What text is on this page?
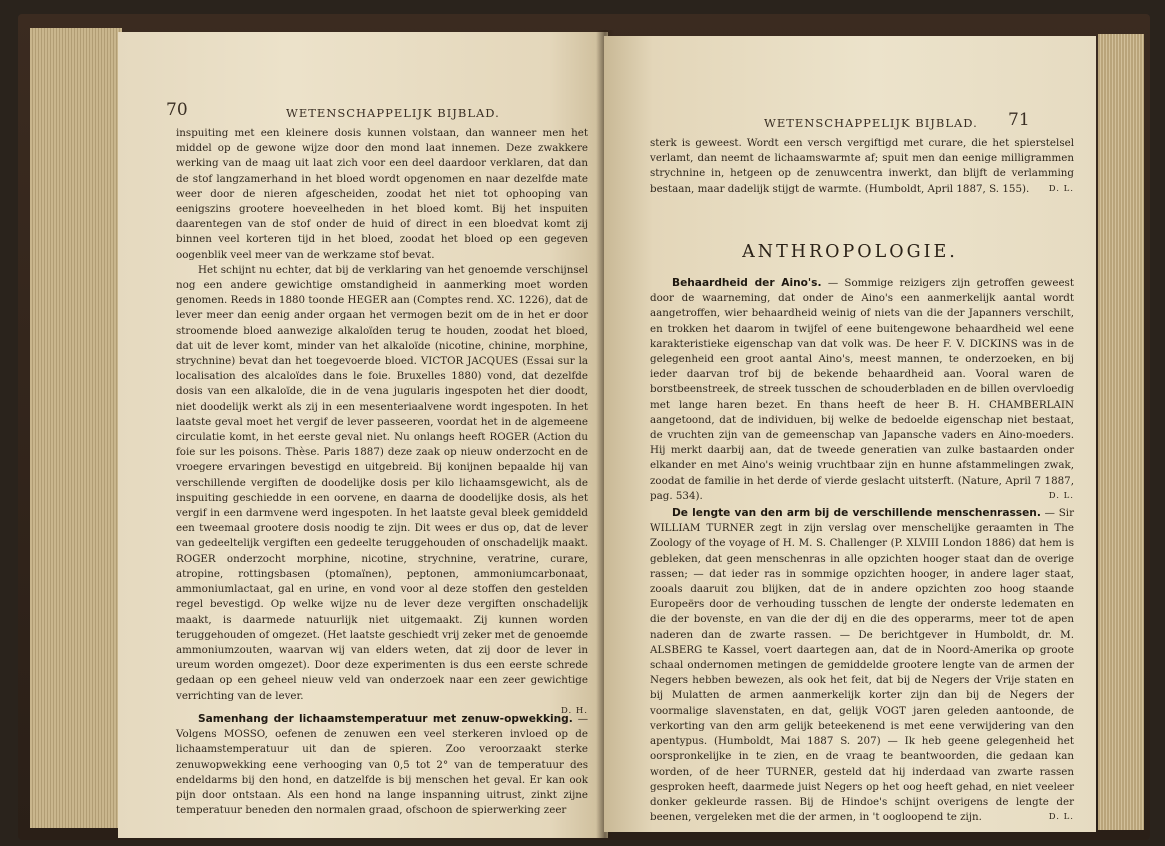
70	WETENSCHAPPELIJK BIJBLAD.

inspuiting met een kleinere dosis kunnen volstaan, dan wanneer men het middel op de gewone wijze door den mond laat innemen. Deze zwakkere werking van de maag uit laat zich voor een deel daardoor verklaren, dat dan de stof langzamerhand in het bloed wordt opgenomen en naar dezelfde mate weer door de nieren afgescheiden, zoodat het niet tot ophooping van eenigszins grootere hoeveelheden in het bloed komt. Bij het inspuiten daarentegen van de stof onder de huid of direct in een bloedvat komt zij binnen veel korteren tijd in het bloed, zoodat het bloed op een gegeven oogenblik veel meer van de werkzame stof bevat.

Het schijnt nu echter, dat bij de verklaring van het genoemde verschijnsel nog een andere gewichtige omstandigheid in aanmerking moet worden genomen. Reeds in 1880 toonde HEGER aan (Comptes rend. XC. 1226), dat de lever meer dan eenig ander orgaan het vermogen bezit om de in het er door stroomende bloed aanwezige alkaloïden terug te houden, zoodat het bloed, dat uit de lever komt, minder van het alkaloïde (nicotine, chinine, morphine, strychnine) bevat dan het toegevoerde bloed. VICTOR JACQUES (Essai sur la localisation des alcaloïdes dans le foie. Bruxelles 1880) vond, dat dezelfde dosis van een alkaloïde, die in de vena jugularis ingespoten het dier doodt, niet doodelijk werkt als zij in een mesenteriaalvene wordt ingespoten. In het laatste geval moet het vergif de lever passeeren, voordat het in de algemeene circulatie komt, in het eerste geval niet. Nu onlangs heeft ROGER (Action du foie sur les poisons. Thèse. Paris 1887) deze zaak op nieuw onderzocht en de vroegere ervaringen bevestigd en uitgebreid. Bij konijnen bepaalde hij van verschillende vergiften de doodelijke dosis per kilo lichaamsgewicht, als de inspuiting geschiedde in een oorvene, en daarna de doodelijke dosis, als het vergif in een darmvene werd ingespoten. In het laatste geval bleek gemiddeld een tweemaal grootere dosis noodig te zijn. Dit wees er dus op, dat de lever van gedeeltelijk vergiften een gedeelte teruggehouden of onschadelijk maakt. ROGER onderzocht morphine, nicotine, strychnine, veratrine, curare, atropine, rottingsbasen (ptomaïnen), peptonen, ammoniumcarbonaat, ammoniumlactaat, gal en urine, en vond voor al deze stoffen den gestelden regel bevestigd. Op welke wijze nu de lever deze vergiften onschadelijk maakt, is daarmede natuurlijk niet uitgemaakt. Zij kunnen worden teruggehouden of omgezet. (Het laatste geschiedt vrij zeker met de genoemde ammoniumzouten, waarvan wij van elders weten, dat zij door de lever in ureum worden omgezet). Door deze experimenten is dus een eerste schrede gedaan op een geheel nieuw veld van onderzoek naar een zeer gewichtige verrichting van de lever.

D. H.

Samenhang der lichaamstemperatuur met zenuw-opwekking. — Volgens MOSSO, oefenen de zenuwen een veel sterkeren invloed op de lichaamstemperatuur uit dan de spieren. Zoo veroorzaakt sterke zenuwopwekking eene verhooging van 0,5 tot 2° van de temperatuur des endeldarms bij den hond, en datzelfde is bij menschen het geval. Er kan ook pijn door ontstaan. Als een hond na lange inspanning uitrust, zinkt zijne temperatuur beneden den normalen graad, ofschoon de spierwerking zeer

WETENSCHAPPELIJK BIJBLAD. 71

sterk is geweest. Wordt een versch vergiftigd met curare, die het spierstelsel verlamt, dan neemt de lichaamswarmte af; spuit men dan eenige milligrammen strychnine in, hetgeen op de zenuwcentra inwerkt, dan blijft de verlamming bestaan, maar dadelijk stijgt de warmte. (Humboldt, April 1887, S. 155). D. L.

ANTHROPOLOGIE.

Behaardheid der Aino's. — Sommige reizigers zijn getroffen geweest door de waarneming, dat onder de Aino's een aanmerkelijk aantal wordt aangetroffen, wier behaardheid weinig of niets van die der Japanners verschilt, en trokken het daarom in twijfel of eene buitengewone behaardheid wel eene karakteristieke eigenschap van dat volk was. De heer F. V. DICKINS was in de gelegenheid een groot aantal Aino's, meest mannen, te onderzoeken, en bij ieder daarvan trof bij de bekende behaardheid aan. Vooral waren de borstbeenstreek, de streek tusschen de schouderbladen en de billen overvloedig met lange haren bezet. En thans heeft de heer B. H. CHAMBERLAIN aangetoond, dat de individuen, bij welke de bedoelde eigenschap niet bestaat, de vruchten zijn van de gemeenschap van Japansche vaders en Aino-moeders. Hij merkt daarbij aan, dat de tweede generatien van zulke bastaarden onder elkander en met Aino's weinig vruchtbaar zijn en hunne afstammelingen zwak, zoodat de familie in het derde of vierde geslacht uitsterft. (Nature, April 7 1887, pag. 534).	D. L.

De lengte van den arm bij de verschillende menschenrassen. — Sir WILLIAM TURNER zegt in zijn verslag over menschelijke geraamten in The Zoology of the voyage of H. M. S. Challenger (P. XLVIII London 1886) dat hem is gebleken, dat geen menschenras in alle opzichten hooger staat dan de overige rassen; — dat ieder ras in sommige opzichten hooger, in andere lager staat, zooals daaruit zou blijken, dat de in andere opzichten zoo hoog staande Europeërs door de verhouding tusschen de lengte der onderste ledematen en die der bovenste, en van die der dij en die des opperarms, meer tot de apen naderen dan de zwarte rassen. — De berichtgever in Humboldt, dr. M. ALSBERG te Kassel, voert daartegen aan, dat de in Noord-Amerika op groote schaal ondernomen metingen de gemiddelde grootere lengte van de armen der Negers hebben bewezen, als ook het feit, dat bij de Negers der Vrije staten en bij Mulatten de armen aanmerkelijk korter zijn dan bij de Negers der voormalige slavenstaten, en dat, gelijk VOGT jaren geleden aantoonde, de verkorting van den arm gelijk beteekenend is met eene verwijdering van den apentypus. (Humboldt, Mai 1887 S. 207) — Ik heb geene gelegenheid het oorspronkelijke in te zien, en de vraag te beantwoorden, die gedaan kan worden, of de heer TURNER, gesteld dat hij inderdaad van zwarte rassen gesproken heeft, daarmede juist Negers op het oog heeft gehad, en niet veeleer donker gekleurde rassen. Bij de Hindoe's schijnt overigens de lengte der beenen, vergeleken met die der armen, in 't oogloopend te zijn.	D. L.
